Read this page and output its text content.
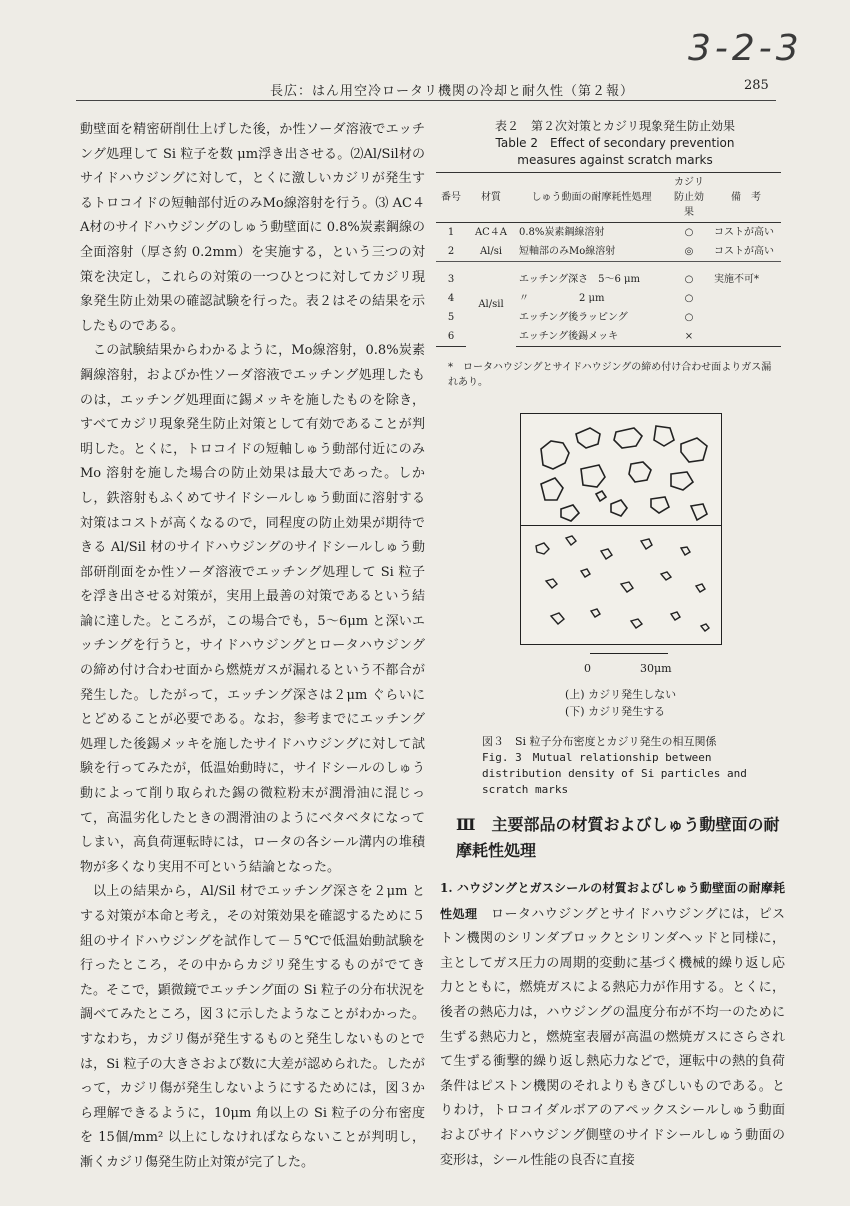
3-2-3
長広：はん用空冷ロータリ機関の冷却と耐久性（第２報）	285

動壁面を精密研削仕上げした後，か性ソーダ溶液でエッチング処理して Si 粒子を数 μm浮き出させる。⑵Al/Sil材のサイドハウジングに対して，とくに激しいカジリが発生するトロコイドの短軸部付近のみMo線溶射を行う。⑶ AC４A材のサイドハウジングのしゅう動壁面に 0.8%炭素鋼線の全面溶射（厚さ約 0.2mm）を実施する，という三つの対策を決定し，これらの対策の一つひとつに対してカジリ現象発生防止効果の確認試験を行った。表２はその結果を示したものである。

この試験結果からわかるように，Mo線溶射，0.8%炭素鋼線溶射，およびか性ソーダ溶液でエッチング処理したものは，エッチング処理面に錫メッキを施したものを除き，すべてカジリ現象発生防止対策として有効であることが判明した。とくに，トロコイドの短軸しゅう動部付近にのみ Mo 溶射を施した場合の防止効果は最大であった。しかし，鉄溶射もふくめてサイドシールしゅう動面に溶射する対策はコストが高くなるので，同程度の防止効果が期待できる Al/Sil 材のサイドハウジングのサイドシールしゅう動部研削面をか性ソーダ溶液でエッチング処理して Si 粒子を浮き出させる対策が，実用上最善の対策であるという結論に達した。ところが，この場合でも，5～6μm と深いエッチングを行うと，サイドハウジングとロータハウジングの締め付け合わせ面から燃焼ガスが漏れるという不都合が発生した。したがって，エッチング深さは２μm ぐらいにとどめることが必要である。なお，参考までにエッチング処理した後錫メッキを施したサイドハウジングに対して試験を行ってみたが，低温始動時に，サイドシールのしゅう動によって削り取られた錫の微粒粉末が潤滑油に混じって，高温劣化したときの潤滑油のようにベタベタになってしまい，高負荷運転時には，ロータの各シール溝内の堆積物が多くなり実用不可という結論となった。

以上の結果から，Al/Sil 材でエッチング深さを２μm とする対策が本命と考え，その対策効果を確認するために５組のサイドハウジングを試作して－５℃で低温始動試験を行ったところ，その中からカジリ発生するものがでてきた。そこで，顕微鏡でエッチング面の Si 粒子の分布状況を調べてみたところ，図３に示したようなことがわかった。すなわち，カジリ傷が発生するものと発生しないものとでは，Si 粒子の大きさおよび数に大差が認められた。したがって，カジリ傷が発生しないようにするためには，図３から理解できるように，10μm 角以上の Si 粒子の分布密度を 15個/mm² 以上にしなければならないことが判明し，漸くカジリ傷発生防止対策が完了した。

表２　第２次対策とカジリ現象発生防止効果
Table 2　Effect of secondary prevention
measures against scratch marks
番号	材質	しゅう動面の耐摩耗性処理	カジリ防止効果	備　考
1	AC４A	0.8%炭素鋼線溶射	○	コストが高い
2	Al/si	短軸部のみMo線溶射	◎	コストが高い
3	Al/sil	エッチング深さ　5～6 μm	○	実施不可*
4		〃　　　　　2 μm	○	
5		エッチング後ラッピング	○	
6		エッチング後錫メッキ	×	
*　ロータハウジングとサイドハウジングの締め付け合わせ面よりガス漏れあり。
0	30μm
(上) カジリ発生しない
(下) カジリ発生する
図３　Si 粒子分布密度とカジリ発生の相互関係
Fig. 3　Mutual relationship between distribution density of Si particles and scratch marks
Ⅲ　主要部品の材質およびしゅう動壁面の耐摩耗性処理
1. ハウジングとガスシールの材質およびしゅう動壁面の耐摩耗性処理　ロータハウジングとサイドハウジングには，ピストン機関のシリンダブロックとシリンダヘッドと同様に，主としてガス圧力の周期的変動に基づく機械的繰り返し応力とともに，燃焼ガスによる熱応力が作用する。とくに，後者の熱応力は，ハウジングの温度分布が不均一のために生ずる熱応力と，燃焼室表層が高温の燃焼ガスにさらされて生ずる衝撃的繰り返し熱応力などで，運転中の熱的負荷条件はピストン機関のそれよりもきびしいものである。とりわけ，トロコイダルボアのアペックスシールしゅう動面およびサイドハウジング側壁のサイドシールしゅう動面の変形は，シール性能の良否に直接
